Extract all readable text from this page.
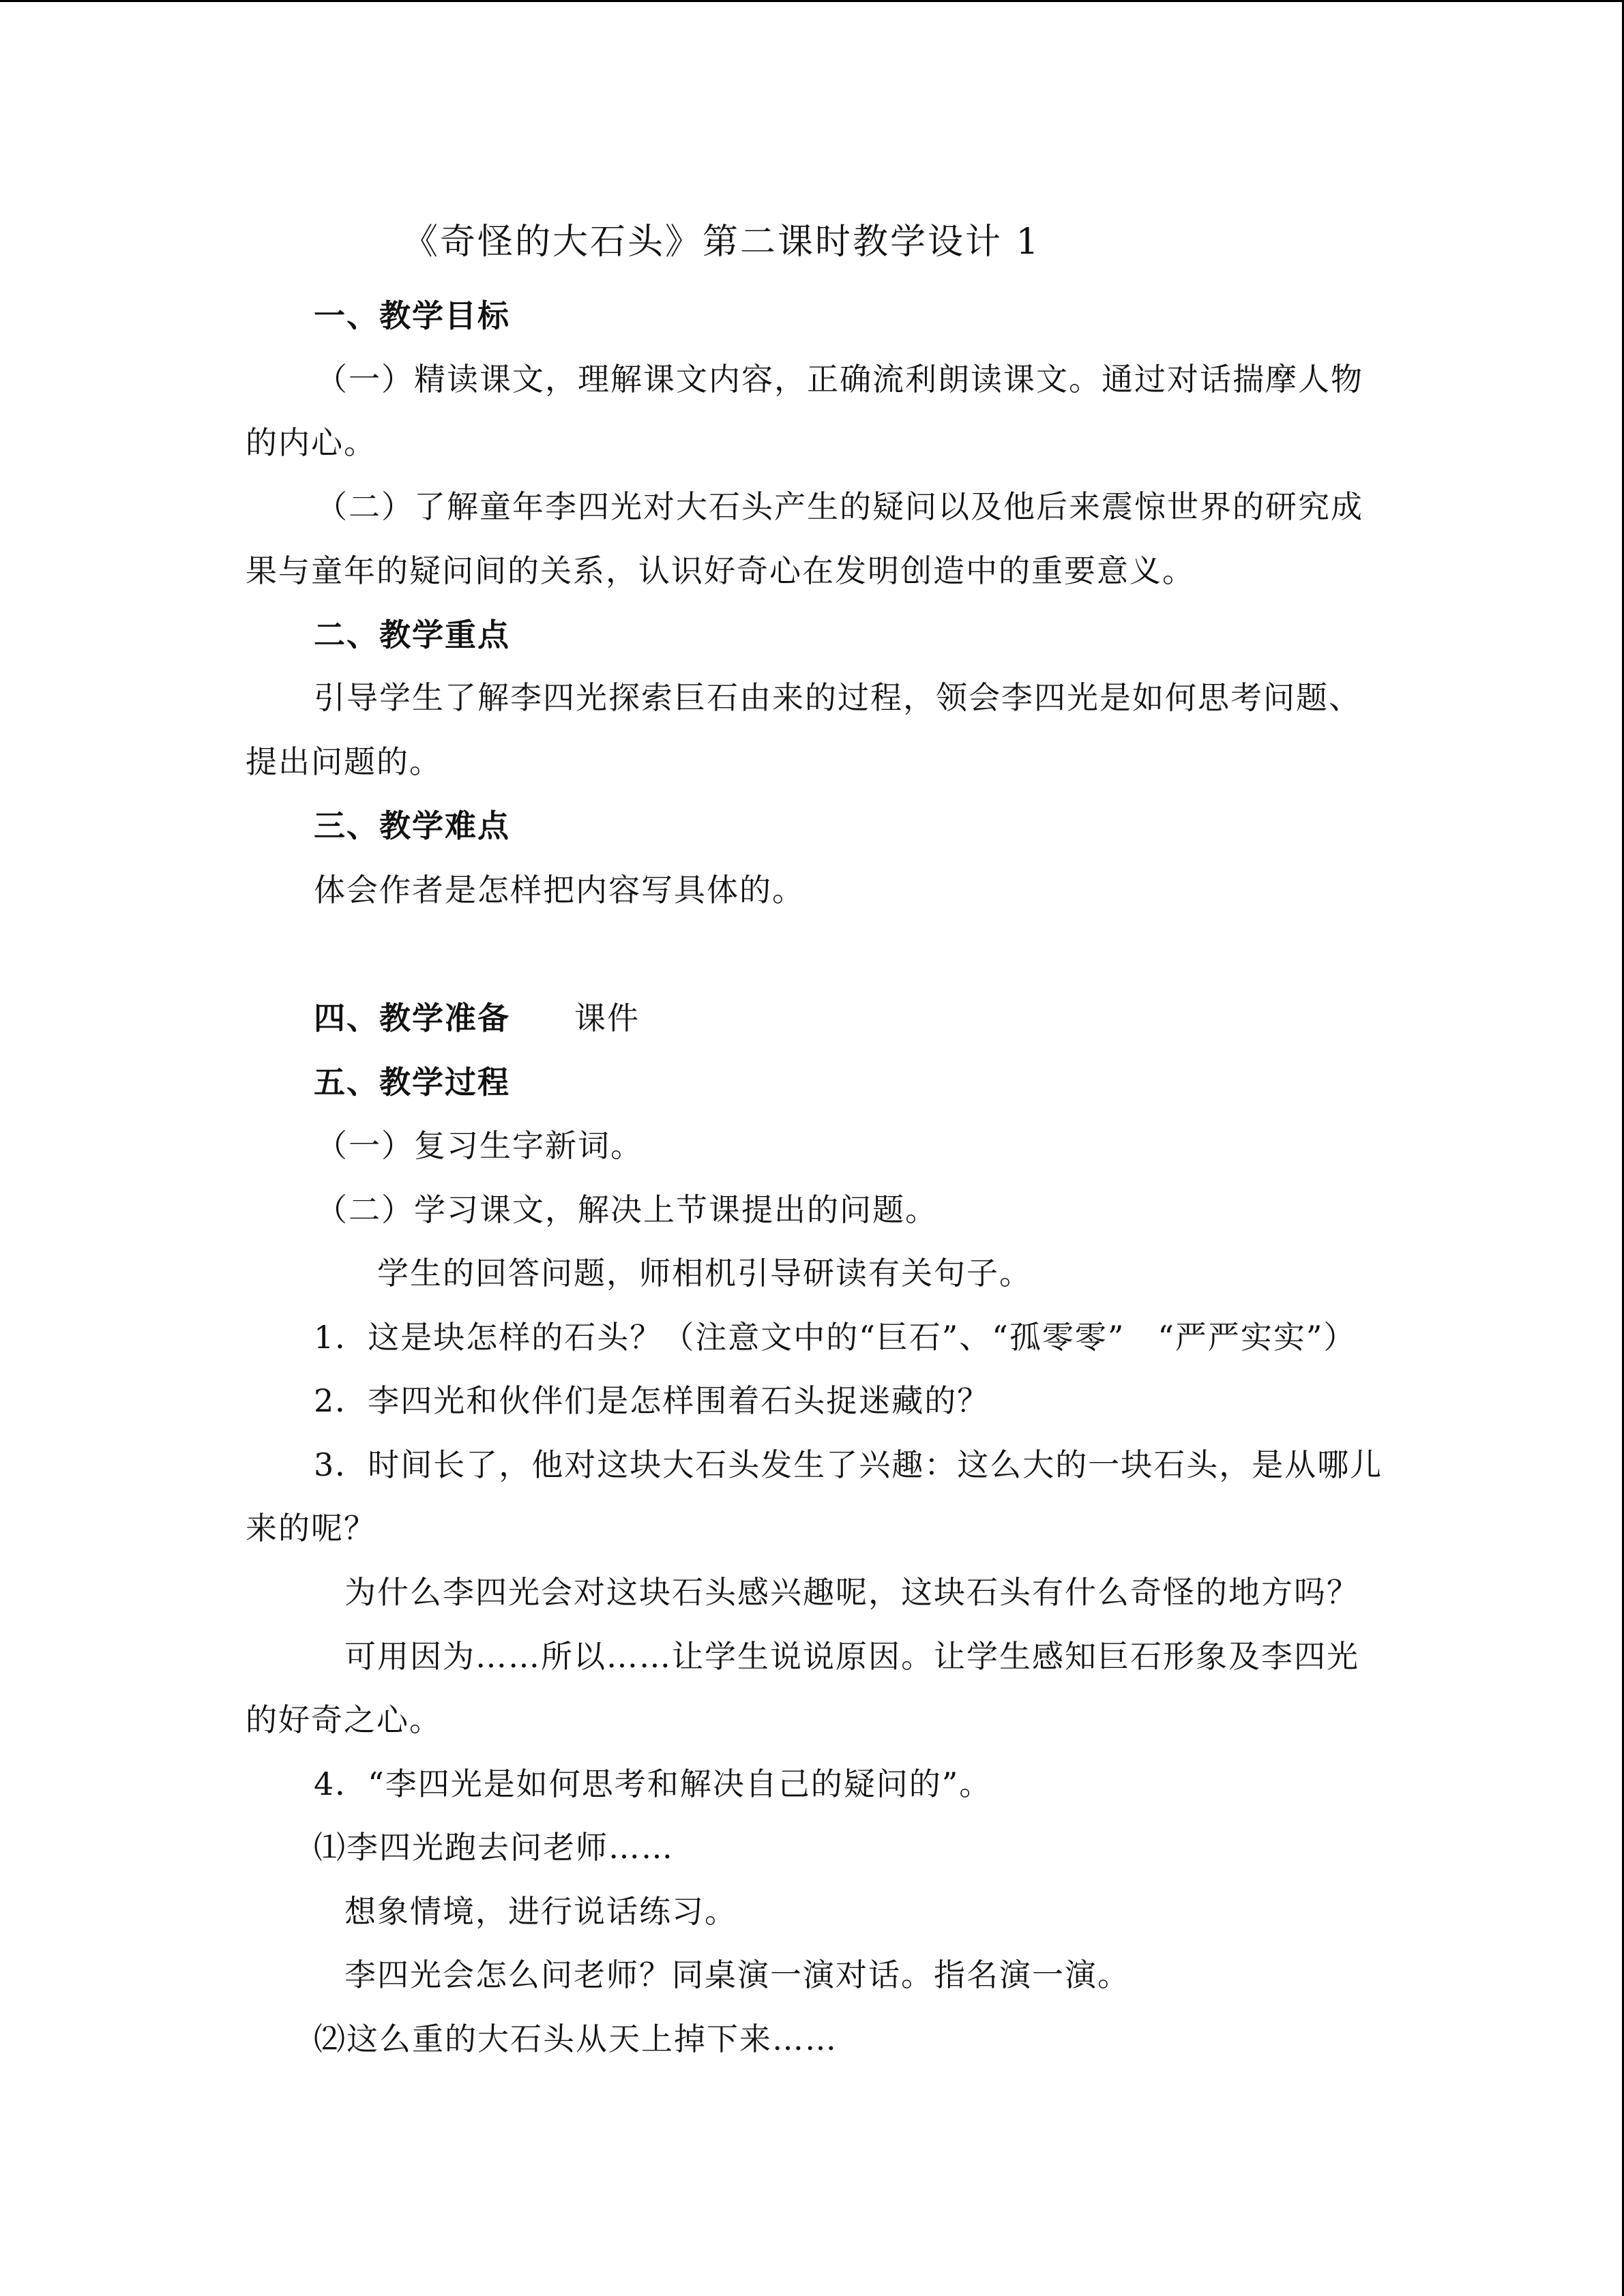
《奇怪的大石头》第二课时教学设计 1

一、教学目标

（一）精读课文，理解课文内容，正确流利朗读课文。通过对话揣摩人物

的内心。

（二）了解童年李四光对大石头产生的疑问以及他后来震惊世界的研究成

果与童年的疑问间的关系，认识好奇心在发明创造中的重要意义。

二、教学重点

引导学生了解李四光探索巨石由来的过程，领会李四光是如何思考问题、

提出问题的。

三、教学难点

体会作者是怎样把内容写具体的。

四、教学准备 课件

五、教学过程

（一）复习生字新词。

（二）学习课文，解决上节课提出的问题。

学生的回答问题，师相机引导研读有关句子。

1．这是块怎样的石头？（注意文中的“巨石”、“孤零零”　“严严实实”）

2．李四光和伙伴们是怎样围着石头捉迷藏的？

3．时间长了，他对这块大石头发生了兴趣：这么大的一块石头，是从哪儿

来的呢？

为什么李四光会对这块石头感兴趣呢，这块石头有什么奇怪的地方吗？

可用因为……所以……让学生说说原因。让学生感知巨石形象及李四光

的好奇之心。

4．“李四光是如何思考和解决自己的疑问的”。

⑴李四光跑去问老师……

想象情境，进行说话练习。

李四光会怎么问老师？同桌演一演对话。指名演一演。

⑵这么重的大石头从天上掉下来……
